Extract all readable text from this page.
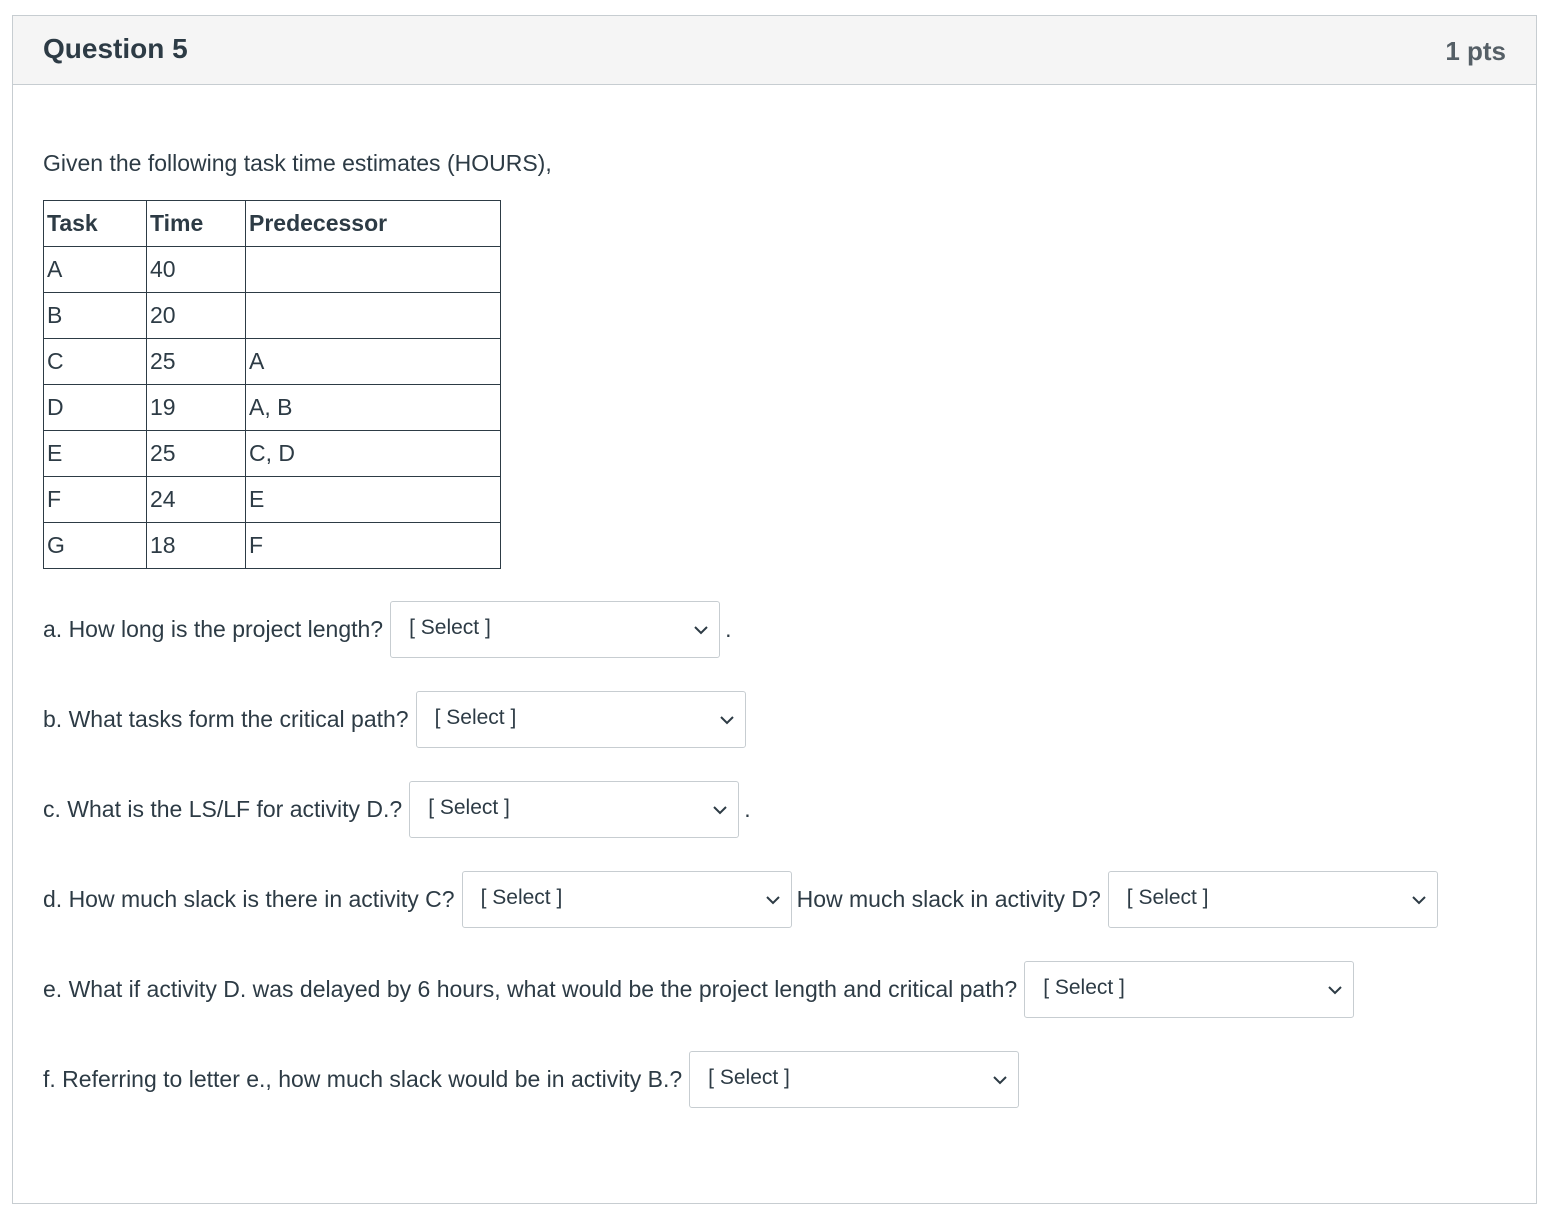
Question 5	1 pts
Given the following task time estimates (HOURS),
Task	Time	Predecessor
A	40	
B	20	
C	25	A
D	19	A, B
E	25	C, D
F	24	E
G	18	F
a. How long is the project length? [ Select ]	.
b. What tasks form the critical path? [ Select ]
c. What is the LS/LF for activity D.? [ Select ]	.
d. How much slack is there in activity C? [ Select ]	How much slack in activity D? [ Select ]
e. What if activity D. was delayed by 6 hours, what would be the project length and critical path? [ Select ]
f. Referring to letter e., how much slack would be in activity B.? [ Select ]
